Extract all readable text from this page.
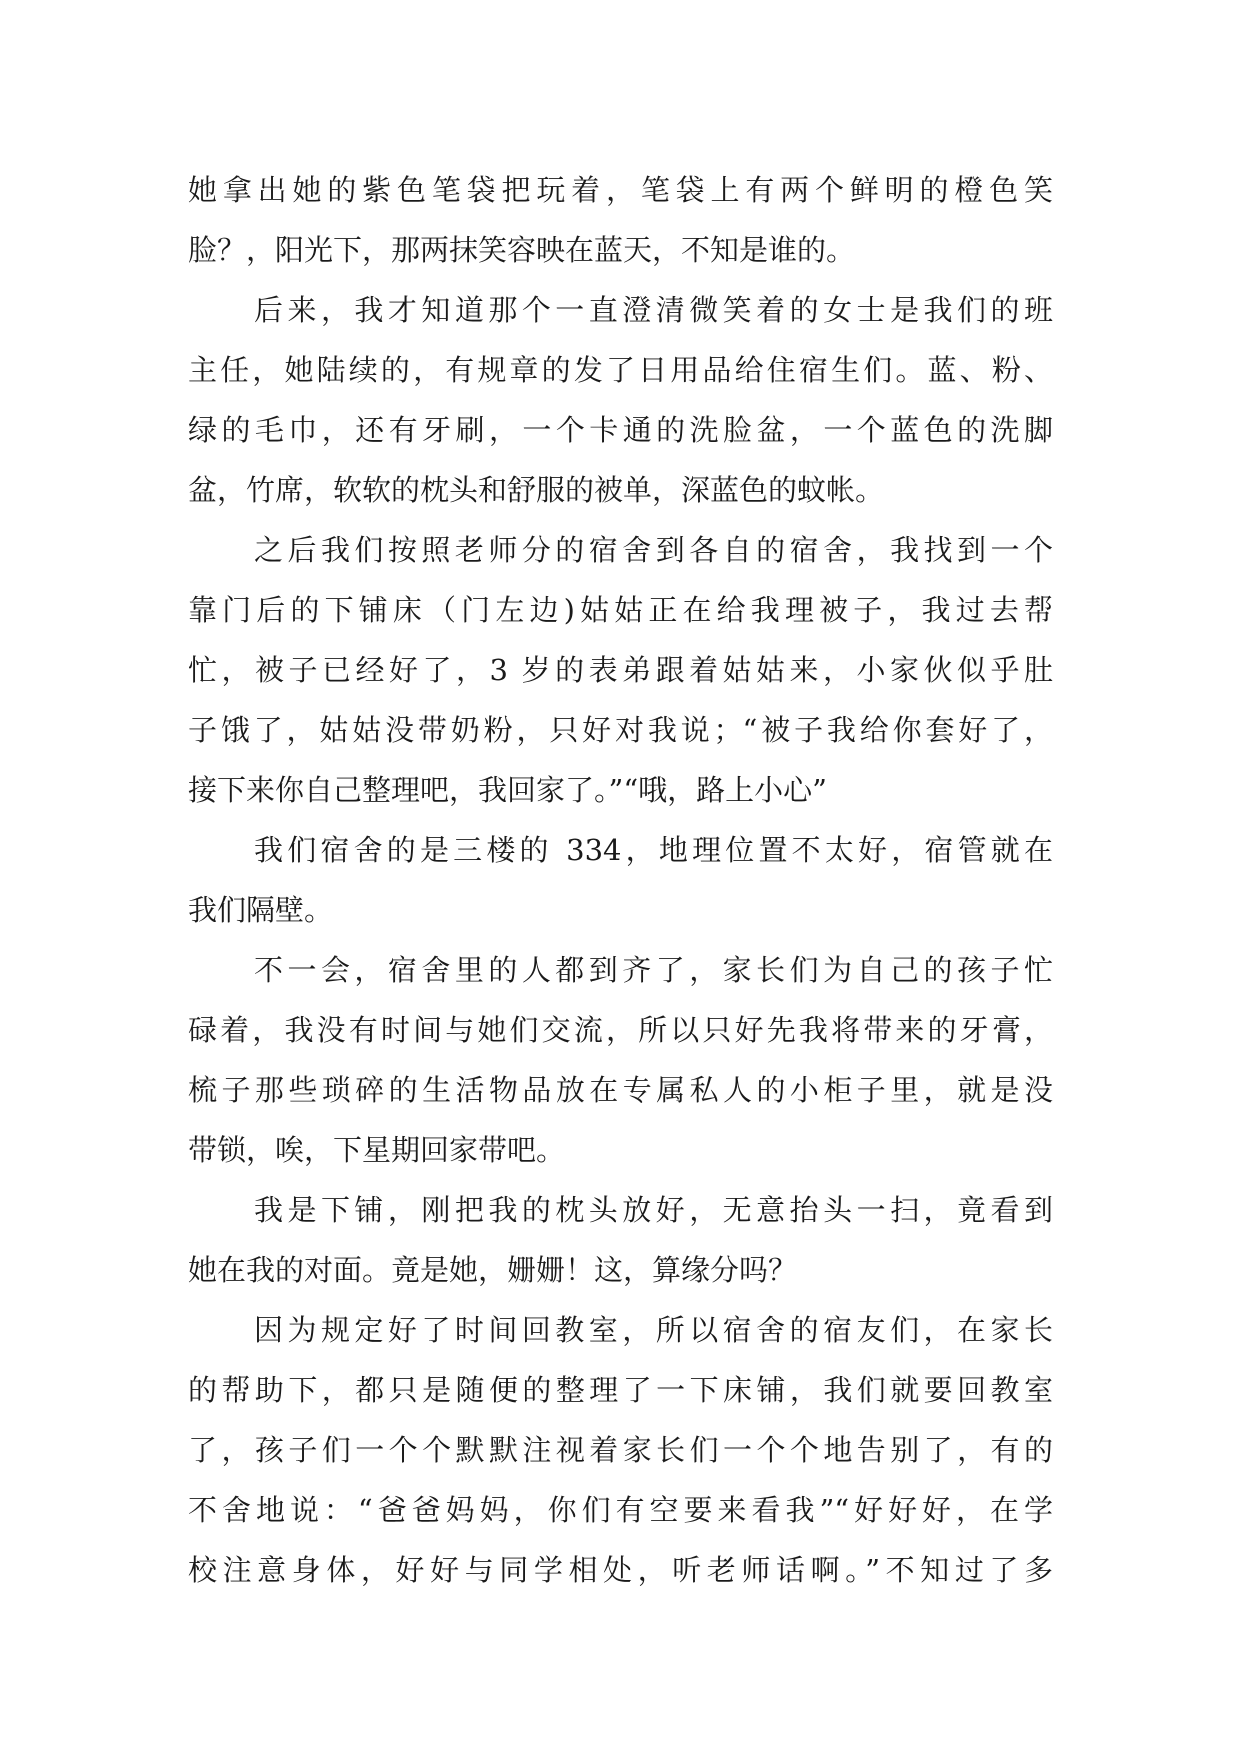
她拿出她的紫色笔袋把玩着，笔袋上有两个鲜明的橙色笑
脸？，阳光下，那两抹笑容映在蓝天，不知是谁的。
后来，我才知道那个一直澄清微笑着的女士是我们的班
主任，她陆续的，有规章的发了日用品给住宿生们。蓝、粉、
绿的毛巾，还有牙刷，一个卡通的洗脸盆，一个蓝色的洗脚
盆，竹席，软软的枕头和舒服的被单，深蓝色的蚊帐。
之后我们按照老师分的宿舍到各自的宿舍，我找到一个
靠门后的下铺床（门左边)姑姑正在给我理被子，我过去帮
忙，被子已经好了，3 岁的表弟跟着姑姑来，小家伙似乎肚
子饿了，姑姑没带奶粉，只好对我说；“被子我给你套好了，
接下来你自己整理吧，我回家了。”“哦，路上小心”
我们宿舍的是三楼的 334，地理位置不太好，宿管就在
我们隔壁。
不一会，宿舍里的人都到齐了，家长们为自己的孩子忙
碌着，我没有时间与她们交流，所以只好先我将带来的牙膏，
梳子那些琐碎的生活物品放在专属私人的小柜子里，就是没
带锁，唉，下星期回家带吧。
我是下铺，刚把我的枕头放好，无意抬头一扫，竟看到
她在我的对面。竟是她，姗姗！这，算缘分吗？
因为规定好了时间回教室，所以宿舍的宿友们，在家长
的帮助下，都只是随便的整理了一下床铺，我们就要回教室
了，孩子们一个个默默注视着家长们一个个地告别了，有的
不舍地说：“爸爸妈妈，你们有空要来看我”“好好好，在学
校注意身体，好好与同学相处，听老师话啊。”不知过了多
